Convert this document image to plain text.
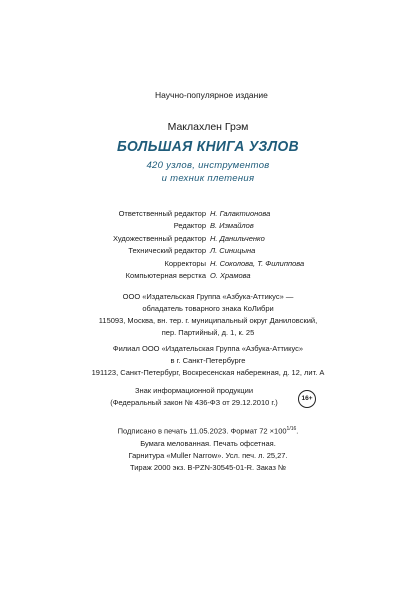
Научно-популярное издание
Маклахлен Грэм
БОЛЬШАЯ КНИГА УЗЛОВ
420 узлов, инструментов
и техник плетения
Ответственный редактор Н. Галактионова
Редактор В. Измайлов
Художественный редактор Н. Данильченко
Технический редактор Л. Синицына
Корректоры Н. Соколова, Т. Филиппова
Компьютерная верстка О. Храмова
ООО «Издательская Группа «Азбука-Аттикус» —
обладатель товарного знака КоЛибри
115093, Москва, вн. тер. г. муниципальный округ Даниловский,
пер. Партийный, д. 1, к. 25
Филиал ООО «Издательская Группа «Азбука-Аттикус»
в г. Санкт-Петербурге
191123, Санкт-Петербург, Воскресенская набережная, д. 12, лит. А
Знак информационной продукции
(Федеральный закон № 436-ФЗ от 29.12.2010 г.)	16+
Подписано в печать 11.05.2023. Формат $72 \times 100^{1/16}$.
Бумага мелованная. Печать офсетная.
Гарнитура «Muller Narrow». Усл. печ. л. 25,27.
Тираж 2000 экз. B-PZN-30545-01-R. Заказ №
